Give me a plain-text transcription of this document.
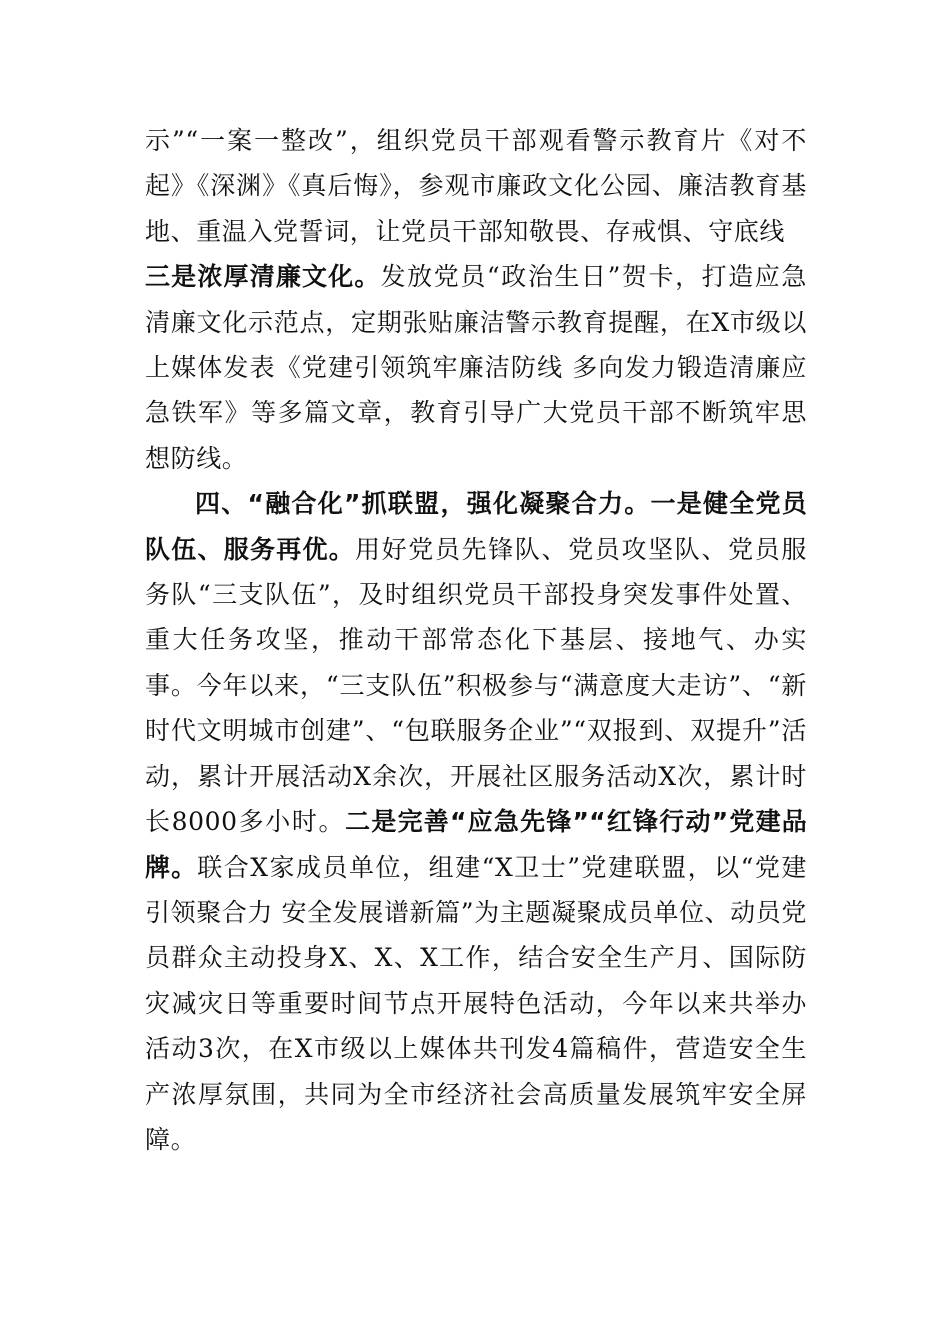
示”“一案一整改”，组织党员干部观看警示教育片《对不起》《深渊》《真后悔》，参观市廉政文化公园、廉洁教育基地、重温入党誓词，让党员干部知敬畏、存戒惧、守底线
三是浓厚清廉文化。发放党员“政治生日”贺卡，打造应急清廉文化示范点，定期张贴廉洁警示教育提醒，在X市级以上媒体发表《党建引领筑牢廉洁防线 多向发力锻造清廉应急铁军》等多篇文章，教育引导广大党员干部不断筑牢思想防线。

四、“融合化”抓联盟，强化凝聚合力。一是健全党员队伍、服务再优。用好党员先锋队、党员攻坚队、党员服务队“三支队伍”，及时组织党员干部投身突发事件处置、重大任务攻坚，推动干部常态化下基层、接地气、办实事。今年以来，“三支队伍”积极参与“满意度大走访”、“新时代文明城市创建”、“包联服务企业”“双报到、双提升”活动，累计开展活动X余次，开展社区服务活动X次，累计时长8000多小时。二是完善“应急先锋”“红锋行动”党建品牌。联合X家成员单位，组建“X卫士”党建联盟，以“党建引领聚合力 安全发展谱新篇”为主题凝聚成员单位、动员党员群众主动投身X、X、X工作，结合安全生产月、国际防灾减灾日等重要时间节点开展特色活动，今年以来共举办活动3次，在X市级以上媒体共刊发4篇稿件，营造安全生产浓厚氛围，共同为全市经济社会高质量发展筑牢安全屏障。
